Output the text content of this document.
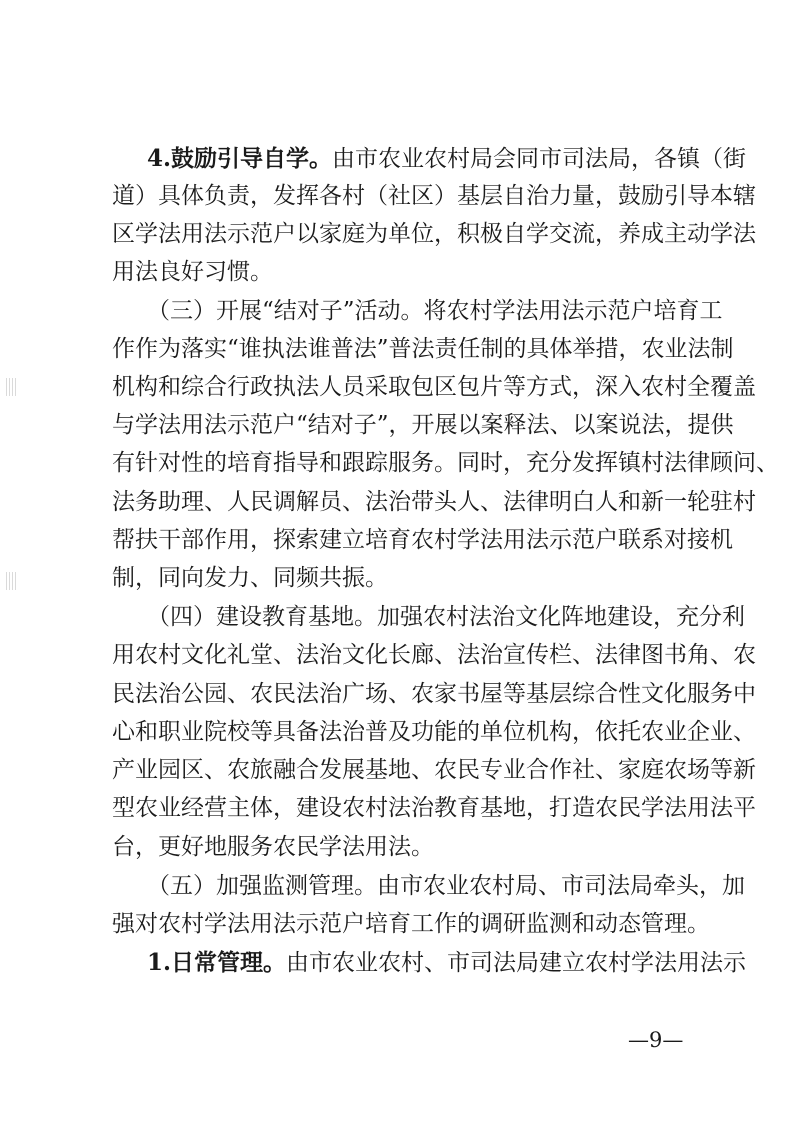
4.鼓励引导自学。由市农业农村局会同市司法局，各镇（街
道）具体负责，发挥各村（社区）基层自治力量，鼓励引导本辖
区学法用法示范户以家庭为单位，积极自学交流，养成主动学法
用法良好习惯。
（三）开展“结对子”活动。将农村学法用法示范户培育工
作作为落实“谁执法谁普法”普法责任制的具体举措，农业法制
机构和综合行政执法人员采取包区包片等方式，深入农村全覆盖
与学法用法示范户“结对子”，开展以案释法、以案说法，提供
有针对性的培育指导和跟踪服务。同时，充分发挥镇村法律顾问、
法务助理、人民调解员、法治带头人、法律明白人和新一轮驻村
帮扶干部作用，探索建立培育农村学法用法示范户联系对接机
制，同向发力、同频共振。
（四）建设教育基地。加强农村法治文化阵地建设，充分利
用农村文化礼堂、法治文化长廊、法治宣传栏、法律图书角、农
民法治公园、农民法治广场、农家书屋等基层综合性文化服务中
心和职业院校等具备法治普及功能的单位机构，依托农业企业、
产业园区、农旅融合发展基地、农民专业合作社、家庭农场等新
型农业经营主体，建设农村法治教育基地，打造农民学法用法平
台，更好地服务农民学法用法。
（五）加强监测管理。由市农业农村局、市司法局牵头，加
强对农村学法用法示范户培育工作的调研监测和动态管理。
1.日常管理。由市农业农村、市司法局建立农村学法用法示
—9—
